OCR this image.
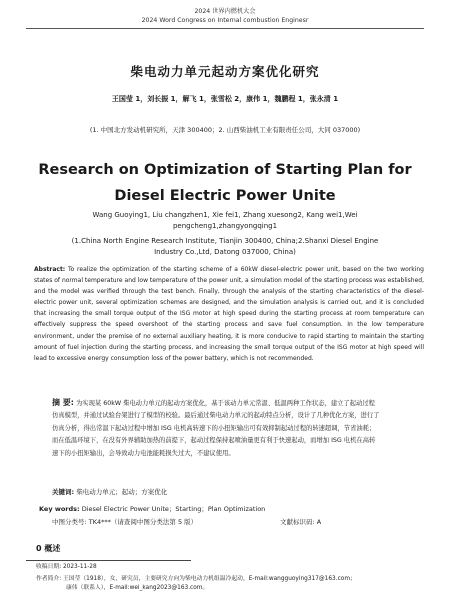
2024 世界内燃机大会
2024 Word Congress on Internal combustion Enginesr
柴电动力单元起动方案优化研究
王国莹 1，刘长振 1，解飞 1，张雪松 2，康伟 1，魏鹏程 1，张永清 1
(1. 中国北方发动机研究所，天津 300400；2. 山西柴油机工业有限责任公司，大同 037000)
Research on Optimization of Starting Plan for
Diesel Electric Power Unite
Wang Guoying1, Liu changzhen1, Xie fei1, Zhang xuesong2, Kang wei1,Wei
pengcheng1,zhangyongqing1
(1.China North Engine Research Institute, Tianjin 300400, China;2.Shanxi Diesel Engine
Industry Co.,Ltd, Datong 037000, China)
Abstract: To realize the optimization of the starting scheme of a 60kW diesel-electric power unit, based on the two working states of normal temperature and low temperature of the power unit, a simulation model of the starting process was established, and the model was verified through the test bench. Finally, through the analysis of the starting characteristics of the diesel-electric power unit, several optimization schemes are designed, and the simulation analysis is carried out, and it is concluded that increasing the small torque output of the ISG motor at high speed during the starting process at room temperature can effectively suppress the speed overshoot of the starting process and save fuel consumption. In the low temperature environment, under the premise of no external auxiliary heating, it is more conducive to rapid starting to maintain the starting amount of fuel injection during the starting process, and increasing the small torque output of the ISG motor at high speed will lead to excessive energy consumption loss of the power battery, which is not recommended.
摘 要: 为实现某 60kW 柴电动力单元的起动方案优化，基于该动力单元常温、低温两种工作状态，建立了起动过程仿真模型，并通过试验台架进行了模型的校验。最后通过柴电动力单元的起动特点分析，设计了几种优化方案，进行了仿真分析，得出常温下起动过程中增加 ISG 电机高转速下的小扭矩输出可有效抑制起动过程的转速超调，节省油耗；而在低温环境下，在没有外界辅助加热的前提下，起动过程保持起喷油量更有利于快速起动，而增加 ISG 电机在高转速下的小扭矩输出，会导致动力电池能耗损失过大，不建议使用。
关键词: 柴电动力单元；起动；方案优化
Key words: Diesel Electric Power Unite；Starting；Plan Optimization
中图分类号: TK4***（请查阅中图分类法第 5 版）	文献标识码: A
0 概述
收稿日期: 2023-11-28
作者简介: 王国莹（1918），女，研究员，主要研究方向为柴电动力机组温冷起动，E-mail:wangguoying317@163.com；
康伟（联系人），E-mail:wei_kang2023@163.com。
